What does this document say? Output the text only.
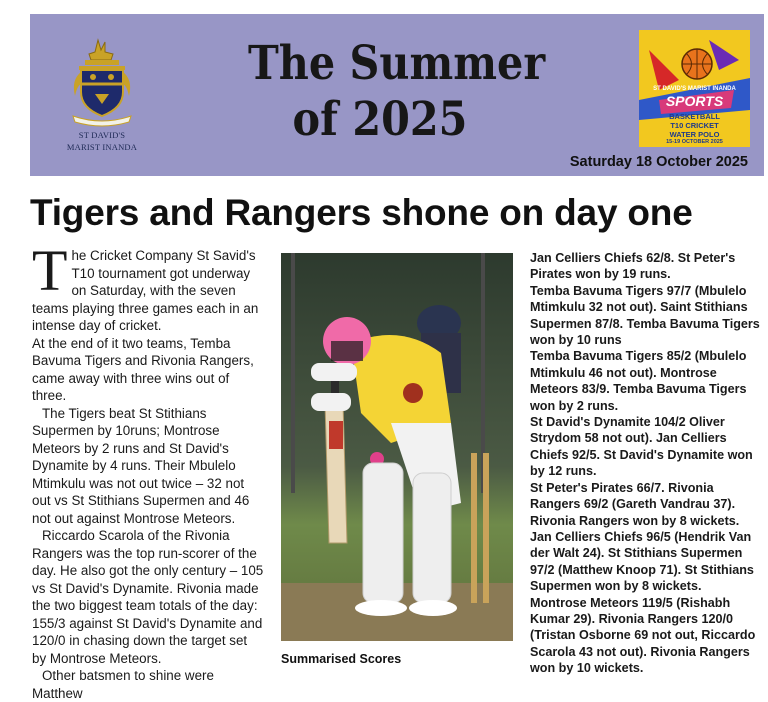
ST DAVID'S
MARIST INANDA
The Summer
of 2025
ST DAVID'S MARIST INANDA
SPORTS
BASKETBALL
T10 CRICKET
WATER POLO
15-19 OCTOBER 2025
Saturday 18 October 2025
Tigers and Rangers shone on day one

The Cricket Company St Savid's T10 tournament got underway on Saturday, with the seven teams playing three games each in an intense day of cricket.

At the end of it two teams, Temba Bavuma Tigers and Rivonia Rangers, came away with three wins out of three.

The Tigers beat St Stithians Supermen by 10runs; Montrose Meteors by 2 runs and St David's Dynamite by 4 runs. Their Mbulelo Mtimkulu was not out twice – 32 not out vs St Stithians Supermen and 46 not out against Montrose Meteors.

Riccardo Scarola of the Rivonia Rangers was the top run-scorer of the day. He also got the only century – 105 vs St David's Dynamite. Rivonia made the two biggest team totals of the day: 155/3 against St David's Dynamite and 120/0 in chasing down the target set by Montrose Meteors.

Other batsmen to shine were Matthew

Summarised Scores

Jan Celliers Chiefs 62/8. St Peter's Pirates won by 19 runs.

Temba Bavuma Tigers 97/7 (Mbulelo Mtimkulu 32 not out). Saint Stithians Supermen 87/8. Temba Bavuma Tigers won by 10 runs

Temba Bavuma Tigers 85/2 (Mbulelo Mtimkulu 46 not out). Montrose Meteors 83/9. Temba Bavuma Tigers won by 2 runs.

St David's Dynamite 104/2 Oliver Strydom 58 not out). Jan Celliers Chiefs 92/5. St David's Dynamite won by 12 runs.

St Peter's Pirates 66/7. Rivonia Rangers 69/2 (Gareth Vandrau 37). Rivonia Rangers won by 8 wickets.

Jan Celliers Chiefs 96/5 (Hendrik Van der Walt 24). St Stithians Supermen 97/2 (Matthew Knoop 71). St Stithians Supermen won by 8 wickets.

Montrose Meteors 119/5 (Rishabh Kumar 29). Rivonia Rangers 120/0 (Tristan Osborne 69 not out, Riccardo Scarola 43 not out). Rivonia Rangers won by 10 wickets.
